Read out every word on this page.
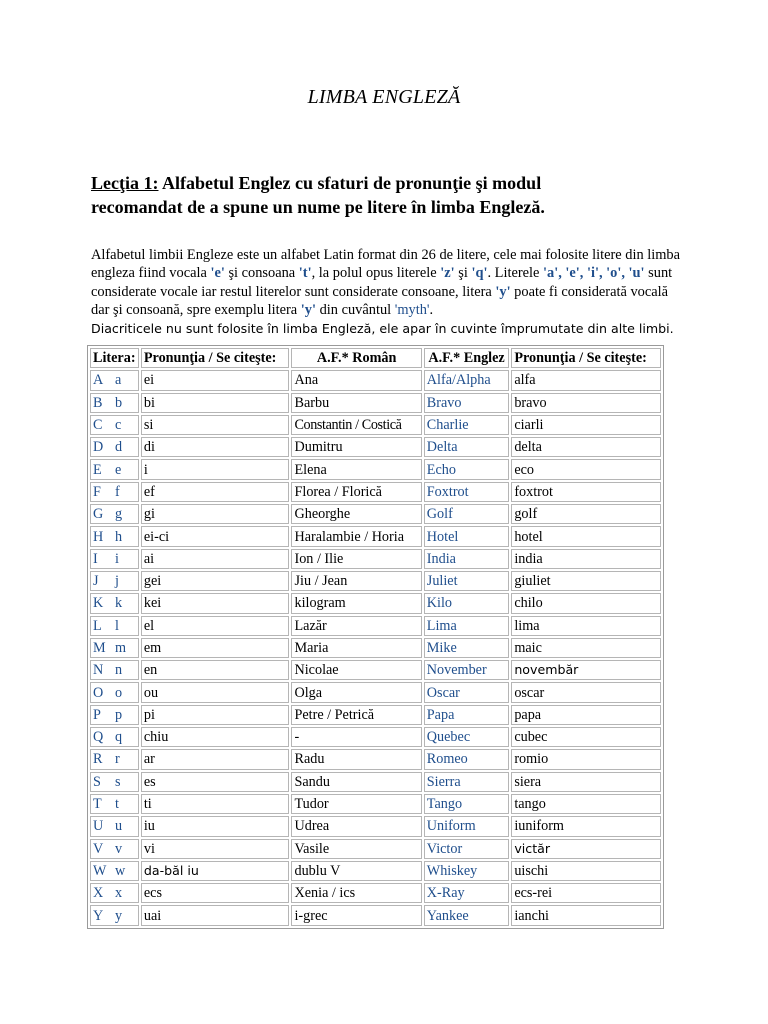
LIMBA ENGLEZĂ
Lecţia 1: Alfabetul Englez cu sfaturi de pronunţie şi modul
recomandat de a spune un nume pe litere în limba Engleză.
Alfabetul limbii Engleze este un alfabet Latin format din 26 de litere, cele mai folosite litere din limba engleza fiind vocala 'e' şi consoana 't', la polul opus literele 'z' şi 'q'. Literele 'a', 'e', 'i', 'o', 'u' sunt considerate vocale iar restul literelor sunt considerate consoane, litera 'y' poate fi considerată vocală dar şi consoană, spre exemplu litera 'y' din cuvântul 'myth'.
Diacriticele nu sunt folosite în limba Engleză, ele apar în cuvinte împrumutate din alte limbi.
Litera:	Pronunţia / Se citeşte:	A.F.* Român	A.F.* Englez	Pronunţia / Se citeşte:
A a	ei	Ana	Alfa/Alpha	alfa
B b	bi	Barbu	Bravo	bravo
C c	si	Constantin / Costică	Charlie	ciarli
D d	di	Dumitru	Delta	delta
E e	i	Elena	Echo	eco
F f	ef	Florea / Florică	Foxtrot	foxtrot
G g	gi	Gheorghe	Golf	golf
H h	ei-ci	Haralambie / Horia	Hotel	hotel
I i	ai	Ion / Ilie	India	india
J j	gei	Jiu / Jean	Juliet	giuliet
K k	kei	kilogram	Kilo	chilo
L l	el	Lazăr	Lima	lima
M m	em	Maria	Mike	maic
N n	en	Nicolae	November	novembăr
O o	ou	Olga	Oscar	oscar
P p	pi	Petre / Petrică	Papa	papa
Q q	chiu	-	Quebec	cubec
R r	ar	Radu	Romeo	romio
S s	es	Sandu	Sierra	siera
T t	ti	Tudor	Tango	tango
U u	iu	Udrea	Uniform	iuniform
V v	vi	Vasile	Victor	victăr
W w	da-băl iu	dublu V	Whiskey	uischi
X x	ecs	Xenia / ics	X-Ray	ecs-rei
Y y	uai	i-grec	Yankee	ianchi
